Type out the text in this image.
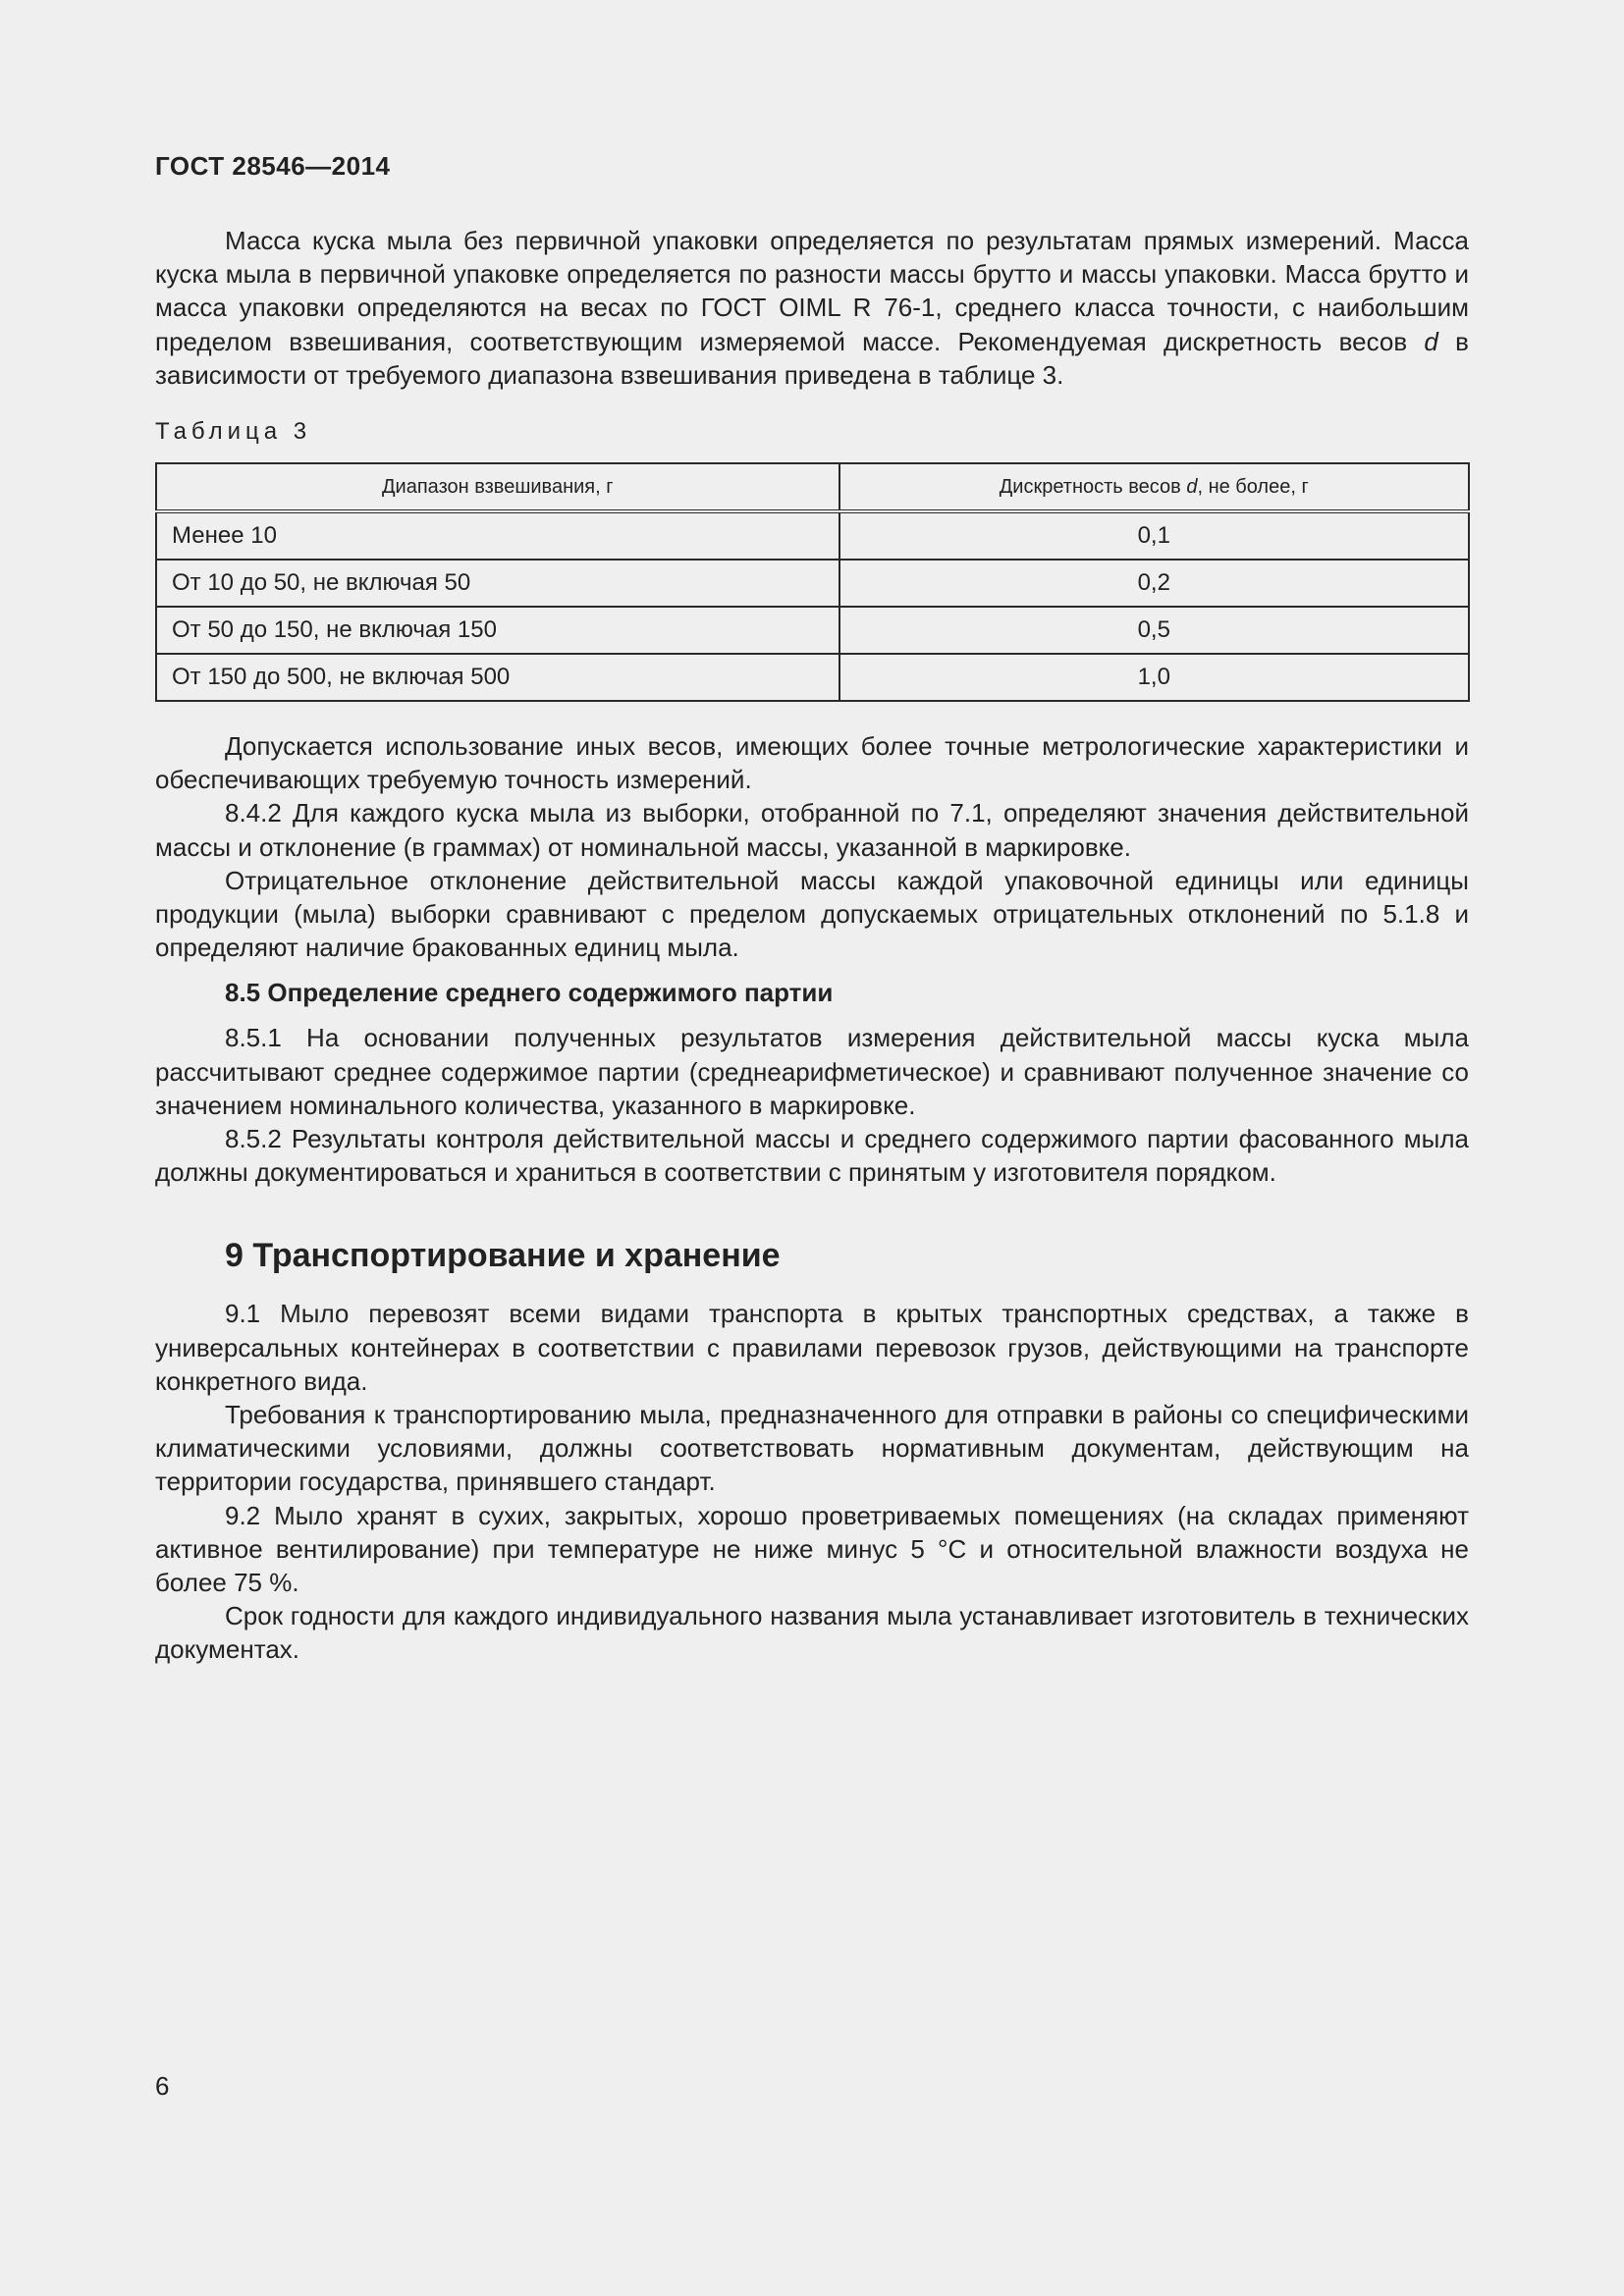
ГОСТ 28546—2014

Масса куска мыла без первичной упаковки определяется по результатам прямых измерений. Масса куска мыла в первичной упаковке определяется по разности массы брутто и массы упаковки. Масса брутто и масса упаковки определяются на весах по ГОСТ OIML R 76-1, среднего класса точности, с наибольшим пределом взвешивания, соответствующим измеряемой массе. Рекомендуемая дискретность весов d в зависимости от требуемого диапазона взвешивания приведена в таблице 3.

Таблица 3
Диапазон взвешивания, г	Дискретность весов d, не более, г
Менее 10	0,1
От 10 до 50, не включая 50	0,2
От 50 до 150, не включая 150	0,5
От 150 до 500, не включая 500	1,0

Допускается использование иных весов, имеющих более точные метрологические характеристики и обеспечивающих требуемую точность измерений.

8.4.2 Для каждого куска мыла из выборки, отобранной по 7.1, определяют значения действительной массы и отклонение (в граммах) от номинальной массы, указанной в маркировке.

Отрицательное отклонение действительной массы каждой упаковочной единицы или единицы продукции (мыла) выборки сравнивают с пределом допускаемых отрицательных отклонений по 5.1.8 и определяют наличие бракованных единиц мыла.

8.5 Определение среднего содержимого партии

8.5.1 На основании полученных результатов измерения действительной массы куска мыла рассчитывают среднее содержимое партии (среднеарифметическое) и сравнивают полученное значение со значением номинального количества, указанного в маркировке.

8.5.2 Результаты контроля действительной массы и среднего содержимого партии фасованного мыла должны документироваться и храниться в соответствии с принятым у изготовителя порядком.

9 Транспортирование и хранение

9.1 Мыло перевозят всеми видами транспорта в крытых транспортных средствах, а также в универсальных контейнерах в соответствии с правилами перевозок грузов, действующими на транспорте конкретного вида.

Требования к транспортированию мыла, предназначенного для отправки в районы со специфическими климатическими условиями, должны соответствовать нормативным документам, действующим на территории государства, принявшего стандарт.

9.2 Мыло хранят в сухих, закрытых, хорошо проветриваемых помещениях (на складах применяют активное вентилирование) при температуре не ниже минус 5 °С и относительной влажности воздуха не более 75 %.

Срок годности для каждого индивидуального названия мыла устанавливает изготовитель в технических документах.

6
